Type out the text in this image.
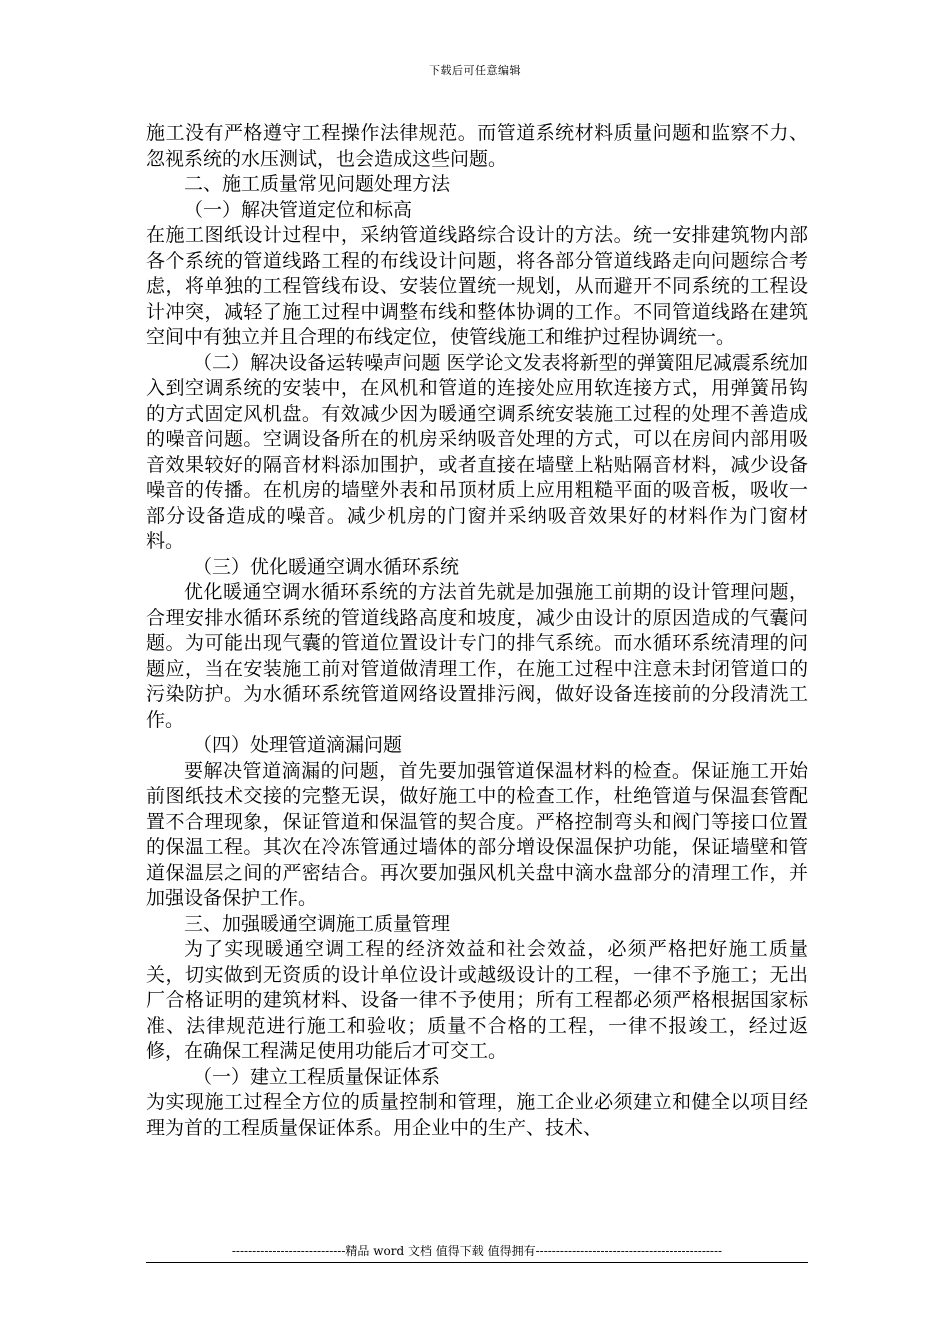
下载后可任意编辑

施工没有严格遵守工程操作法律规范。而管道系统材料质量问题和监察不力、忽视系统的水压测试，也会造成这些问题。

二、施工质量常见问题处理方法

（一）解决管道定位和标高

在施工图纸设计过程中，采纳管道线路综合设计的方法。统一安排建筑物内部各个系统的管道线路工程的布线设计问题，将各部分管道线路走向问题综合考虑，将单独的工程管线布设、安装位置统一规划，从而避开不同系统的工程设计冲突，减轻了施工过程中调整布线和整体协调的工作。不同管道线路在建筑空间中有独立并且合理的布线定位，使管线施工和维护过程协调统一。

（二）解决设备运转噪声问题 医学论文发表将新型的弹簧阻尼减震系统加入到空调系统的安装中，在风机和管道的连接处应用软连接方式，用弹簧吊钩的方式固定风机盘。有效减少因为暖通空调系统安装施工过程的处理不善造成的噪音问题。空调设备所在的机房采纳吸音处理的方式，可以在房间内部用吸音效果较好的隔音材料添加围护，或者直接在墙壁上粘贴隔音材料，减少设备噪音的传播。在机房的墙壁外表和吊顶材质上应用粗糙平面的吸音板，吸收一部分设备造成的噪音。减少机房的门窗并采纳吸音效果好的材料作为门窗材料。

（三）优化暖通空调水循环系统

优化暖通空调水循环系统的方法首先就是加强施工前期的设计管理问题，合理安排水循环系统的管道线路高度和坡度，减少由设计的原因造成的气囊问题。为可能出现气囊的管道位置设计专门的排气系统。而水循环系统清理的问题应，当在安装施工前对管道做清理工作，在施工过程中注意未封闭管道口的污染防护。为水循环系统管道网络设置排污阀，做好设备连接前的分段清洗工作。

（四）处理管道滴漏问题

要解决管道滴漏的问题，首先要加强管道保温材料的检查。保证施工开始前图纸技术交接的完整无误，做好施工中的检查工作，杜绝管道与保温套管配置不合理现象，保证管道和保温管的契合度。严格控制弯头和阀门等接口位置的保温工程。其次在冷冻管通过墙体的部分增设保温保护功能，保证墙壁和管道保温层之间的严密结合。再次要加强风机关盘中滴水盘部分的清理工作，并加强设备保护工作。

三、加强暖通空调施工质量管理

为了实现暖通空调工程的经济效益和社会效益，必须严格把好施工质量关，切实做到无资质的设计单位设计或越级设计的工程，一律不予施工；无出厂合格证明的建筑材料、设备一律不予使用；所有工程都必须严格根据国家标准、法律规范进行施工和验收；质量不合格的工程，一律不报竣工，经过返修，在确保工程满足使用功能后才可交工。

（一）建立工程质量保证体系

为实现施工过程全方位的质量控制和管理，施工企业必须建立和健全以项目经理为首的工程质量保证体系。用企业中的生产、技术、

----------------------------精品 word 文档 值得下载 值得拥有----------------------------------------------
